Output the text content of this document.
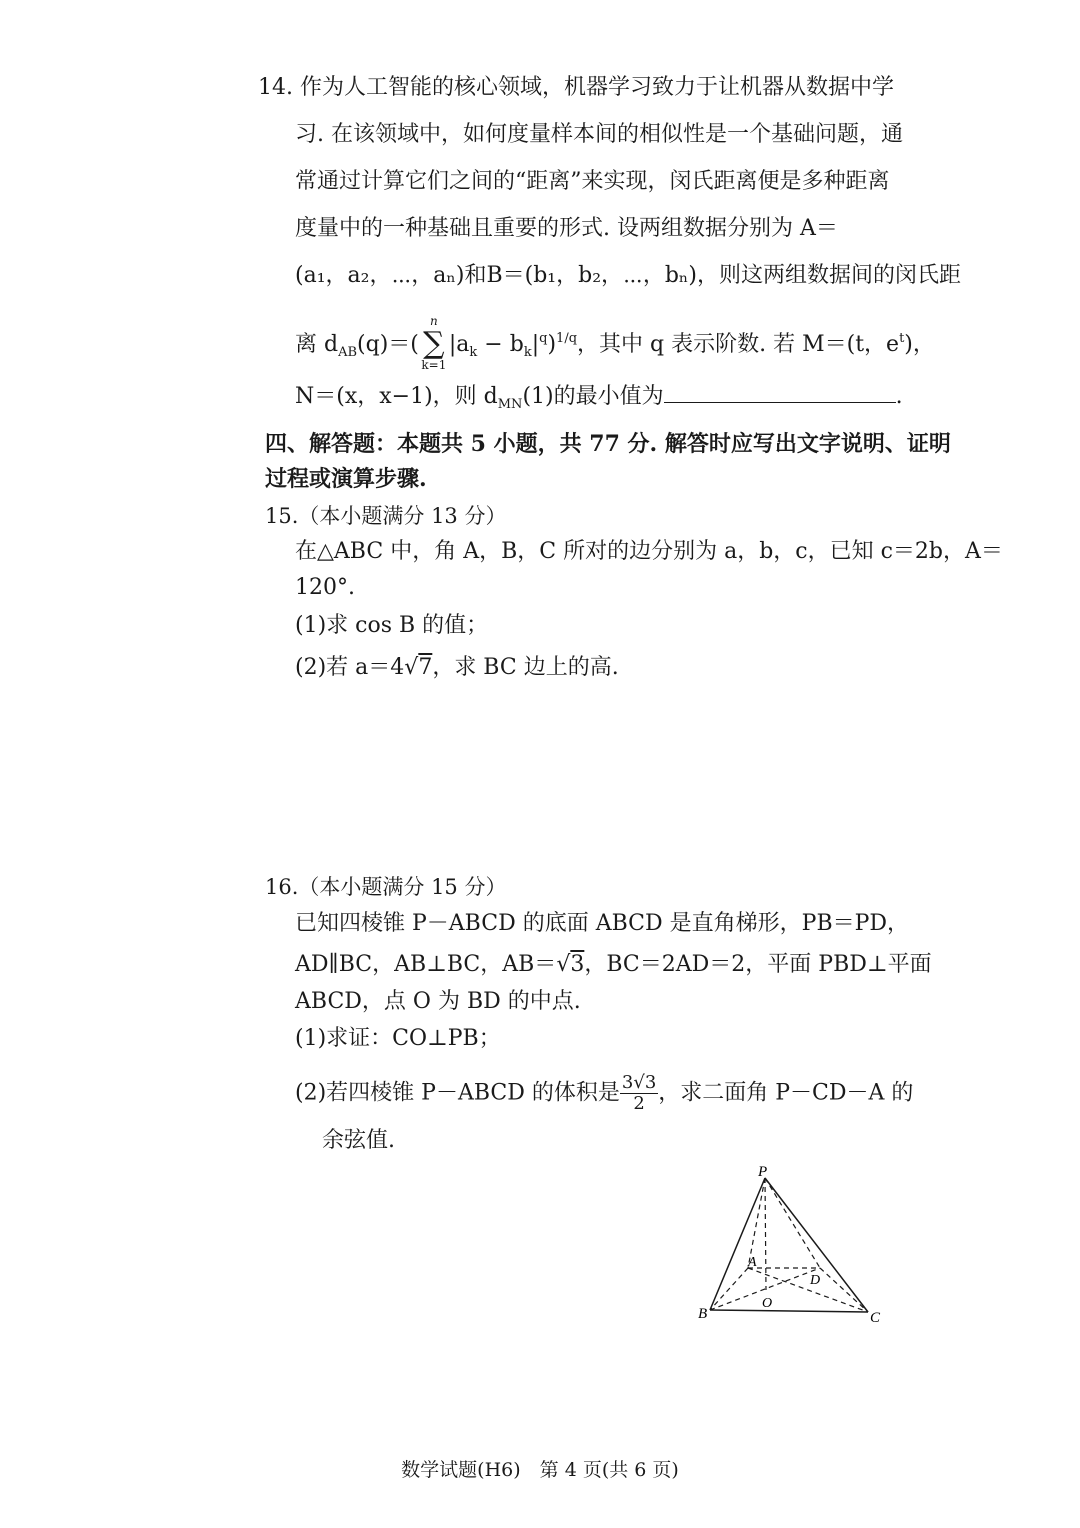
14. 作为人工智能的核心领域，机器学习致力于让机器从数据中学
习. 在该领域中，如何度量样本间的相似性是一个基础问题，通
常通过计算它们之间的“距离”来实现，闵氏距离便是多种距离
度量中的一种基础且重要的形式. 设两组数据分别为 A＝
(a₁，a₂，⋯，aₙ)和B＝(b₁，b₂，⋯，bₙ)，则这两组数据间的闵氏距
离 $d_{AB}(q)=$(
n
∑
k=1
$|a_k - b_k|^q)^{1/q}$，其中 q 表示阶数. 若 M＝(t，$e^t$)，
N＝(x，x−1)，则 $d_{MN}(1)$的最小值为	.
四、解答题：本题共 5 小题，共 77 分. 解答时应写出文字说明、证明
过程或演算步骤.
15.（本小题满分 13 分）
在△ABC 中，角 A，B，C 所对的边分别为 a，b，c，已知 c＝2b，A＝
120°.
(1)求 cos B 的值；
(2)若 a＝4√7，求 BC 边上的高.
16.（本小题满分 15 分）
已知四棱锥 P－ABCD 的底面 ABCD 是直角梯形，PB＝PD，
AD∥BC，AB⊥BC，AB＝√3，BC＝2AD＝2，平面 PBD⊥平面
ABCD，点 O 为 BD 的中点.
(1)求证：CO⊥PB；
(2)若四棱锥 P－ABCD 的体积是 $\frac{3√3}{2}$ ，求二面角 P－CD－A 的
余弦值.
P
A
D
O
B	C
数学试题(H6)　第 4 页(共 6 页)
